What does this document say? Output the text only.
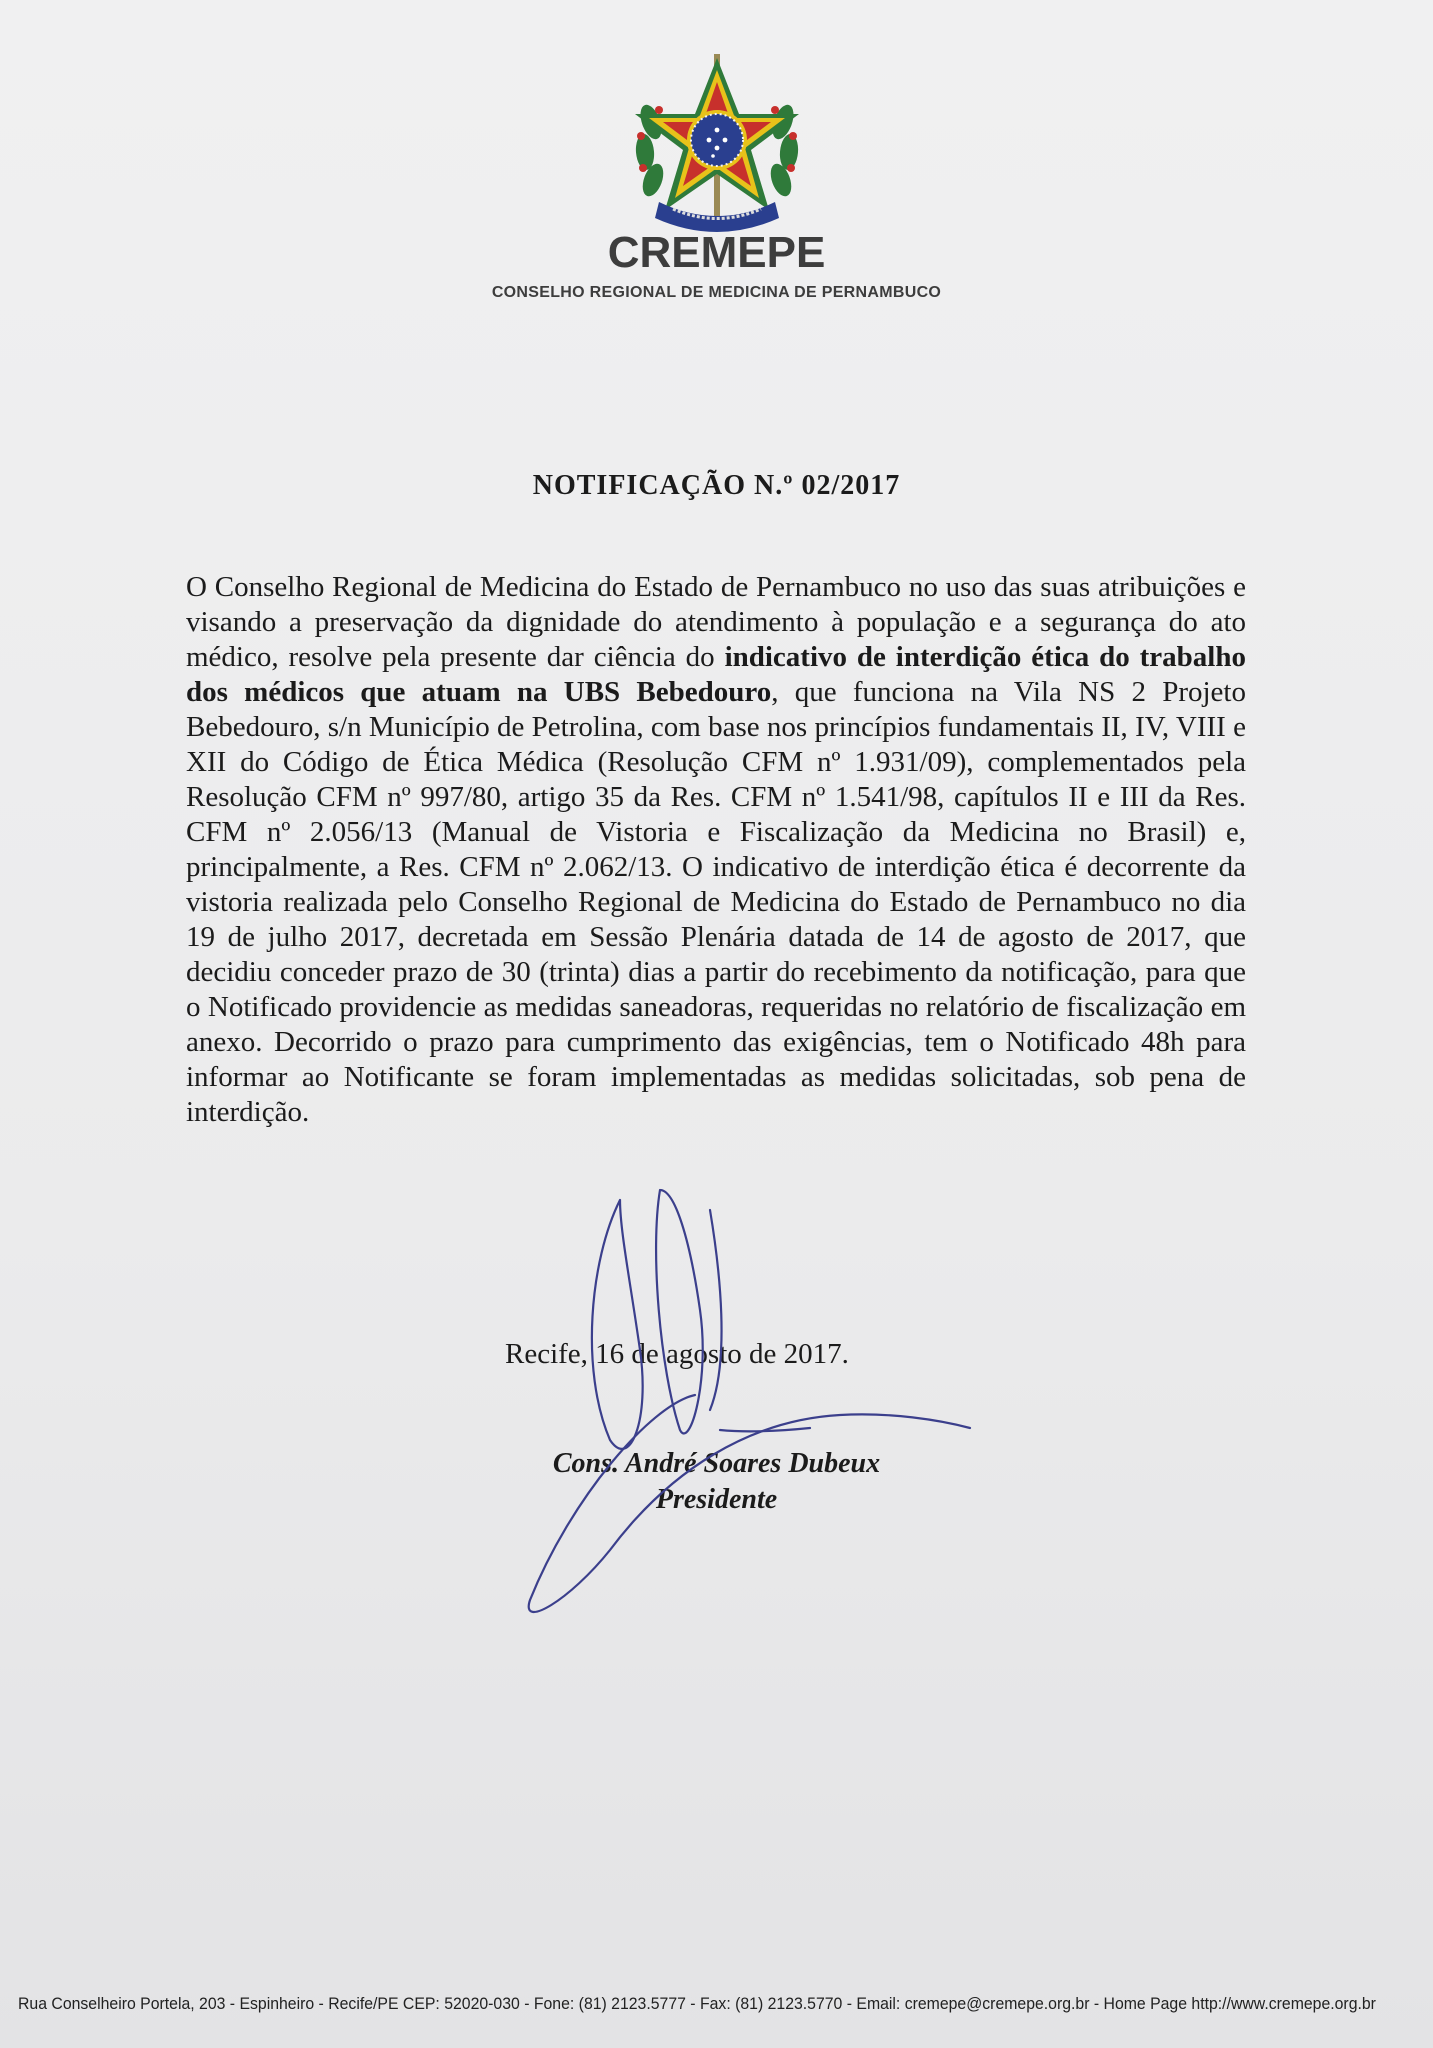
CREMEPE
CONSELHO REGIONAL DE MEDICINA DE PERNAMBUCO
NOTIFICAÇÃO N.º 02/2017
O Conselho Regional de Medicina do Estado de Pernambuco no uso das suas atribuições e visando a preservação da dignidade do atendimento à população e a segurança do ato médico, resolve pela presente dar ciência do indicativo de interdição ética do trabalho dos médicos que atuam na UBS Bebedouro, que funciona na Vila NS 2 Projeto Bebedouro, s/n Município de Petrolina, com base nos princípios fundamentais II, IV, VIII e XII do Código de Ética Médica (Resolução CFM nº 1.931/09), complementados pela Resolução CFM nº 997/80, artigo 35 da Res. CFM nº 1.541/98, capítulos II e III da Res. CFM nº 2.056/13 (Manual de Vistoria e Fiscalização da Medicina no Brasil) e, principalmente, a Res. CFM nº 2.062/13. O indicativo de interdição ética é decorrente da vistoria realizada pelo Conselho Regional de Medicina do Estado de Pernambuco no dia 19 de julho 2017, decretada em Sessão Plenária datada de 14 de agosto de 2017, que decidiu conceder prazo de 30 (trinta) dias a partir do recebimento da notificação, para que o Notificado providencie as medidas saneadoras, requeridas no relatório de fiscalização em anexo. Decorrido o prazo para cumprimento das exigências, tem o Notificado 48h para informar ao Notificante se foram implementadas as medidas solicitadas, sob pena de interdição.
Recife, 16 de agosto de 2017.
Cons. André Soares Dubeux
Presidente
Rua Conselheiro Portela, 203 - Espinheiro - Recife/PE CEP: 52020-030 - Fone: (81) 2123.5777 - Fax: (81) 2123.5770 - Email: cremepe@cremepe.org.br - Home Page http://www.cremepe.org.br
